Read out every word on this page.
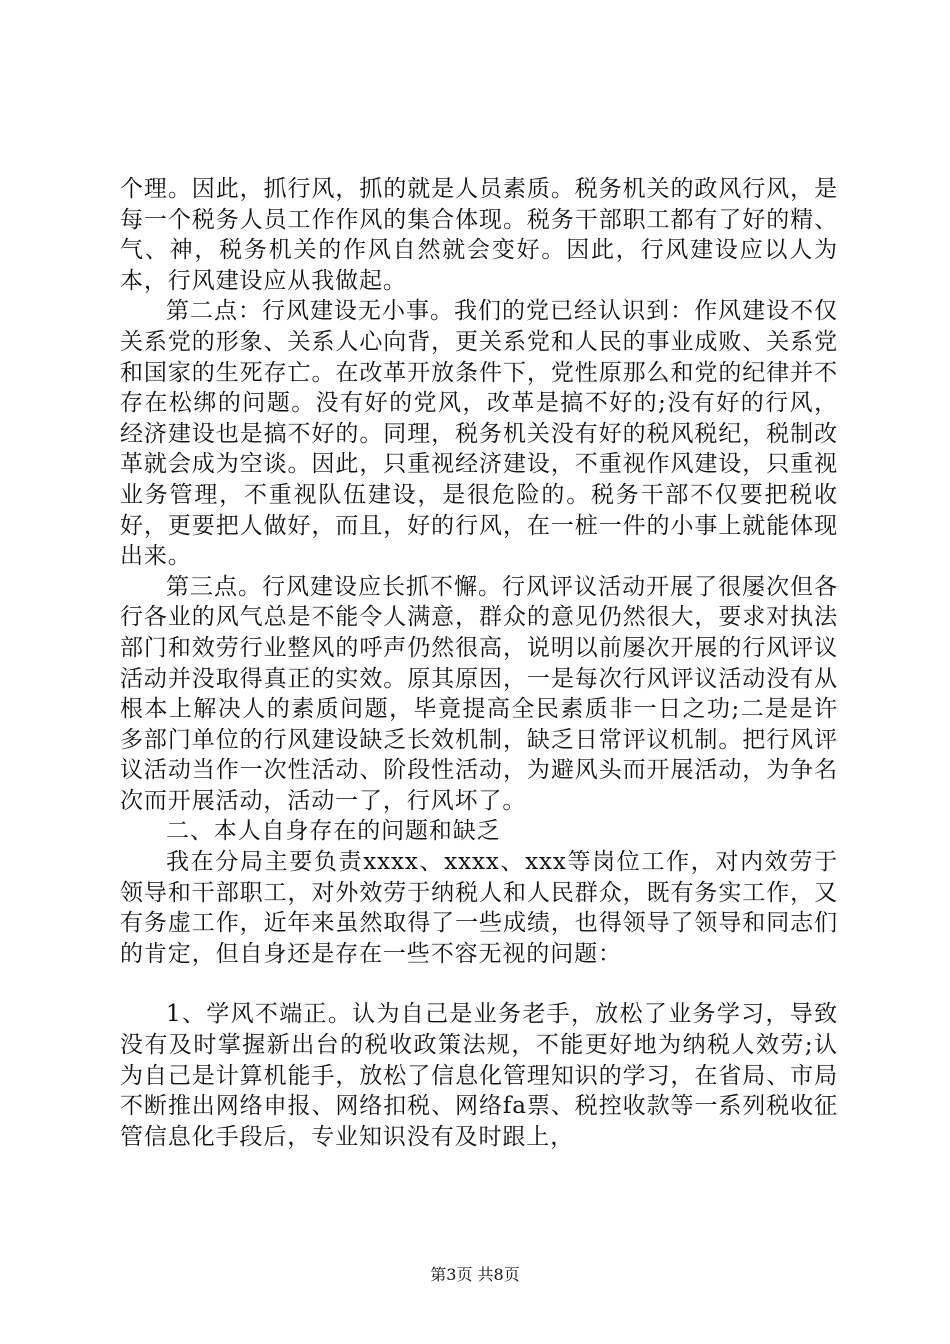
个理。因此，抓行风，抓的就是人员素质。税务机关的政风行风，是每一个税务人员工作作风的集合体现。税务干部职工都有了好的精、气、神，税务机关的作风自然就会变好。因此，行风建设应以人为本，行风建设应从我做起。

第二点：行风建设无小事。我们的党已经认识到：作风建设不仅关系党的形象、关系人心向背，更关系党和人民的事业成败、关系党和国家的生死存亡。在改革开放条件下，党性原那么和党的纪律并不存在松绑的问题。没有好的党风，改革是搞不好的;没有好的行风，经济建设也是搞不好的。同理，税务机关没有好的税风税纪，税制改革就会成为空谈。因此，只重视经济建设，不重视作风建设，只重视业务管理，不重视队伍建设，是很危险的。税务干部不仅要把税收好，更要把人做好，而且，好的行风，在一桩一件的小事上就能体现出来。

第三点。行风建设应长抓不懈。行风评议活动开展了很屡次但各行各业的风气总是不能令人满意，群众的意见仍然很大，要求对执法部门和效劳行业整风的呼声仍然很高，说明以前屡次开展的行风评议活动并没取得真正的实效。原其原因，一是每次行风评议活动没有从根本上解决人的素质问题，毕竟提高全民素质非一日之功;二是是许多部门单位的行风建设缺乏长效机制，缺乏日常评议机制。把行风评议活动当作一次性活动、阶段性活动，为避风头而开展活动，为争名次而开展活动，活动一了，行风坏了。

二、本人自身存在的问题和缺乏

我在分局主要负责xxxx、xxxx、xxx等岗位工作，对内效劳于领导和干部职工，对外效劳于纳税人和人民群众，既有务实工作，又有务虚工作，近年来虽然取得了一些成绩，也得领导了领导和同志们的肯定，但自身还是存在一些不容无视的问题：

1、学风不端正。认为自己是业务老手，放松了业务学习，导致没有及时掌握新出台的税收政策法规，不能更好地为纳税人效劳;认为自己是计算机能手，放松了信息化管理知识的学习，在省局、市局不断推出网络申报、网络扣税、网络fa票、税控收款等一系列税收征管信息化手段后，专业知识没有及时跟上，

第3页 共8页
